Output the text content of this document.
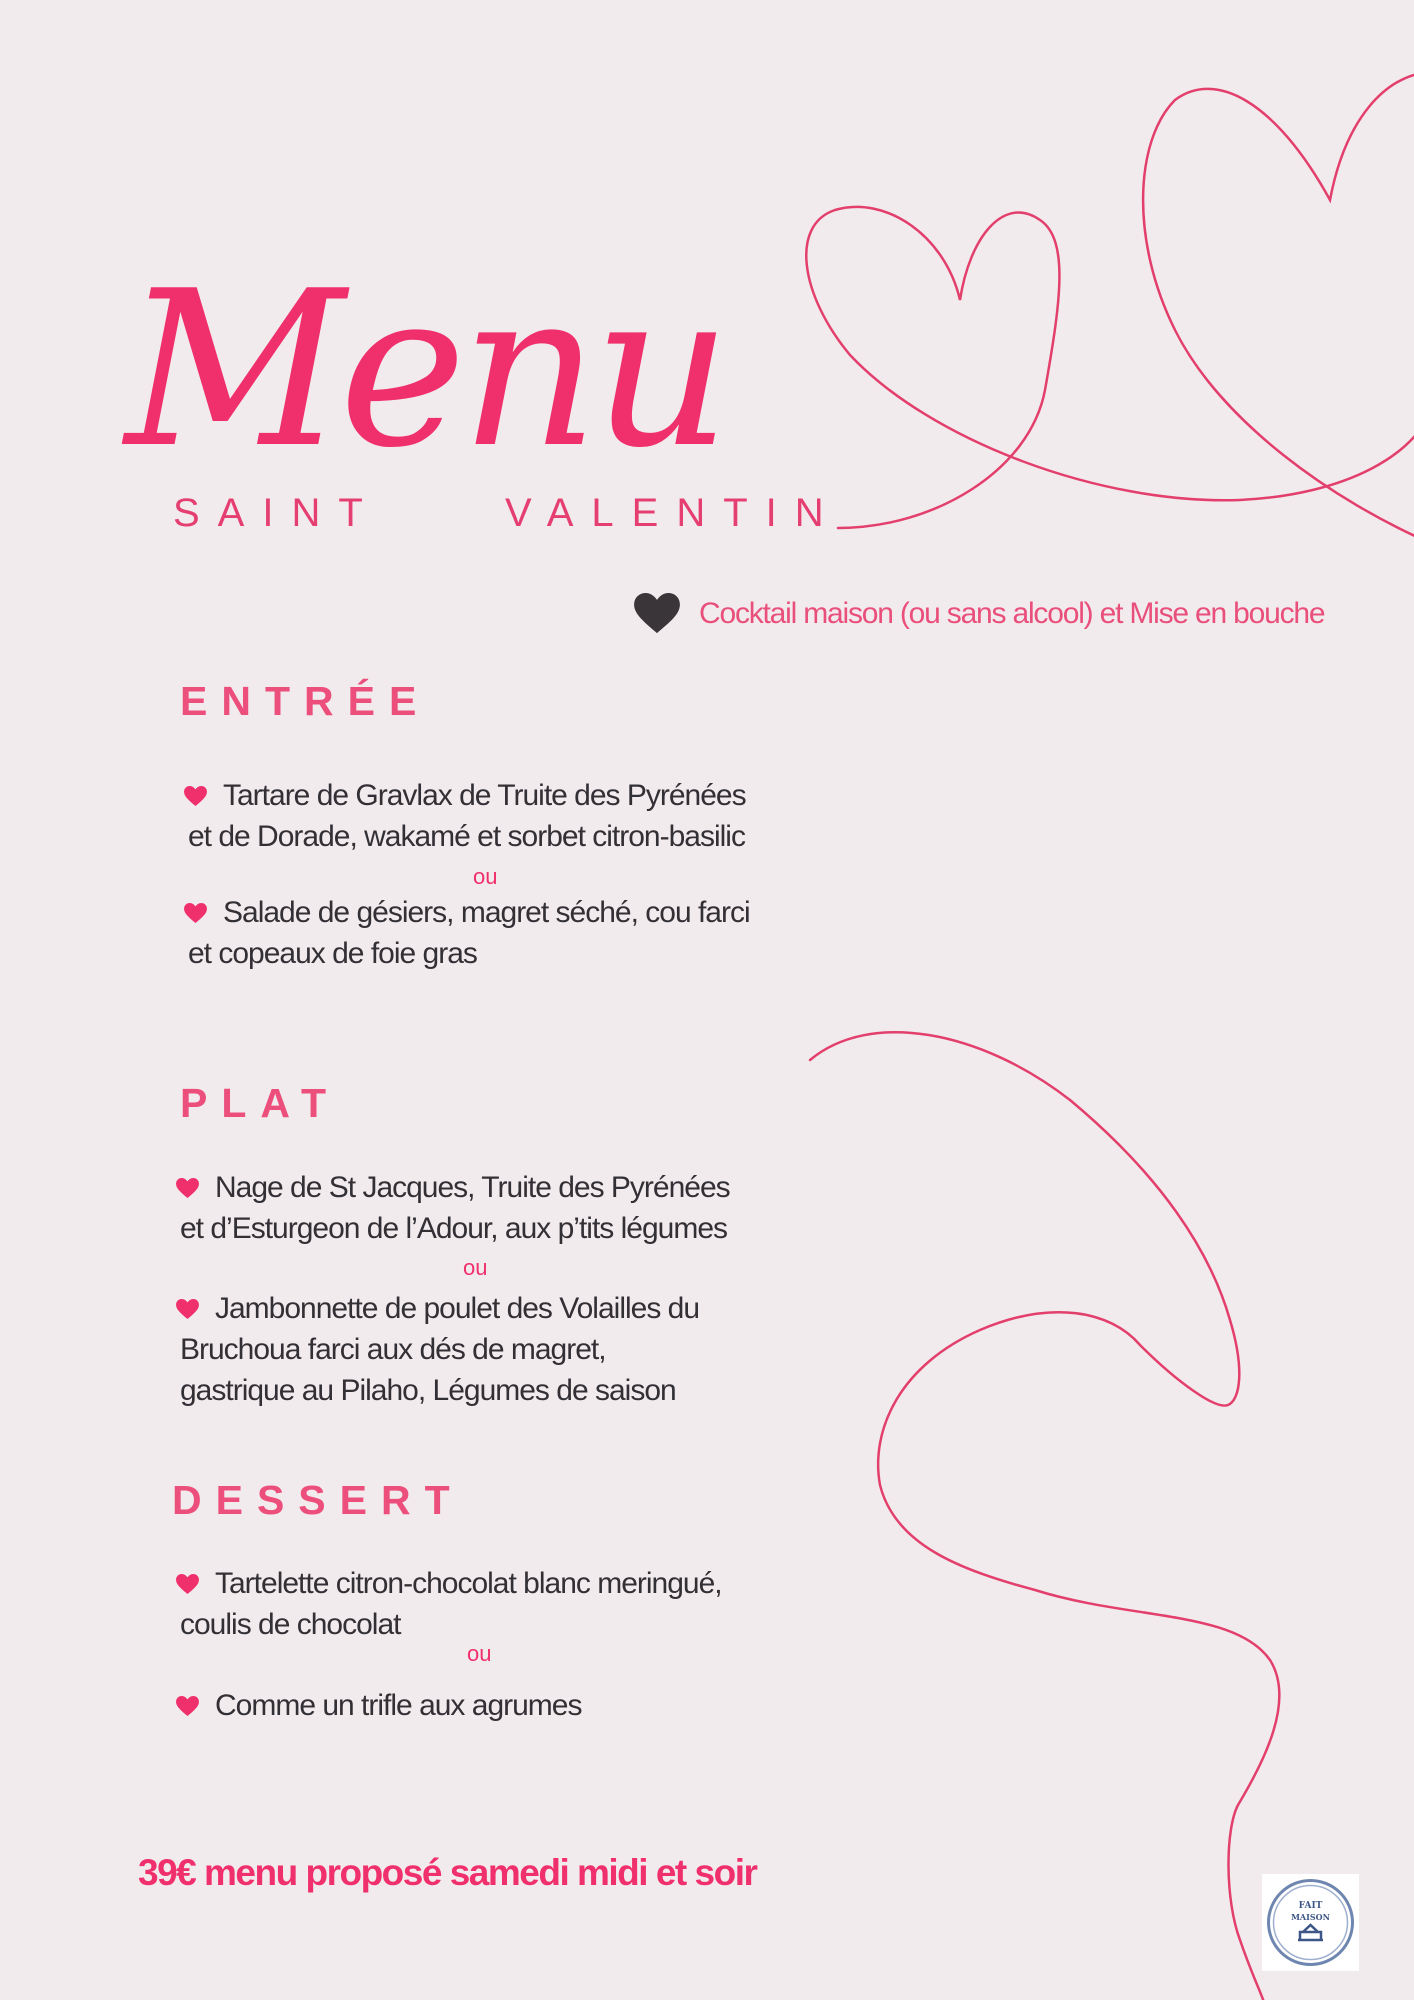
Menu
SAINT	VALENTIN
Cocktail maison (ou sans alcool) et Mise en bouche
ENTRÉE
Tartare de Gravlax de Truite des Pyrénées
et de Dorade, wakamé et sorbet citron-basilic
ou
Salade de gésiers, magret séché, cou farci
et copeaux de foie gras
PLAT
Nage de St Jacques, Truite des Pyrénées
et d’Esturgeon de l’Adour, aux p’tits légumes
ou
Jambonnette de poulet des Volailles du
Bruchoua farci aux dés de magret,
gastrique au Pilaho, Légumes de saison
DESSERT
Tartelette citron-chocolat blanc meringué,
coulis de chocolat
ou
Comme un trifle aux agrumes
39€ menu proposé samedi midi et soir
FAIT
MAISON
